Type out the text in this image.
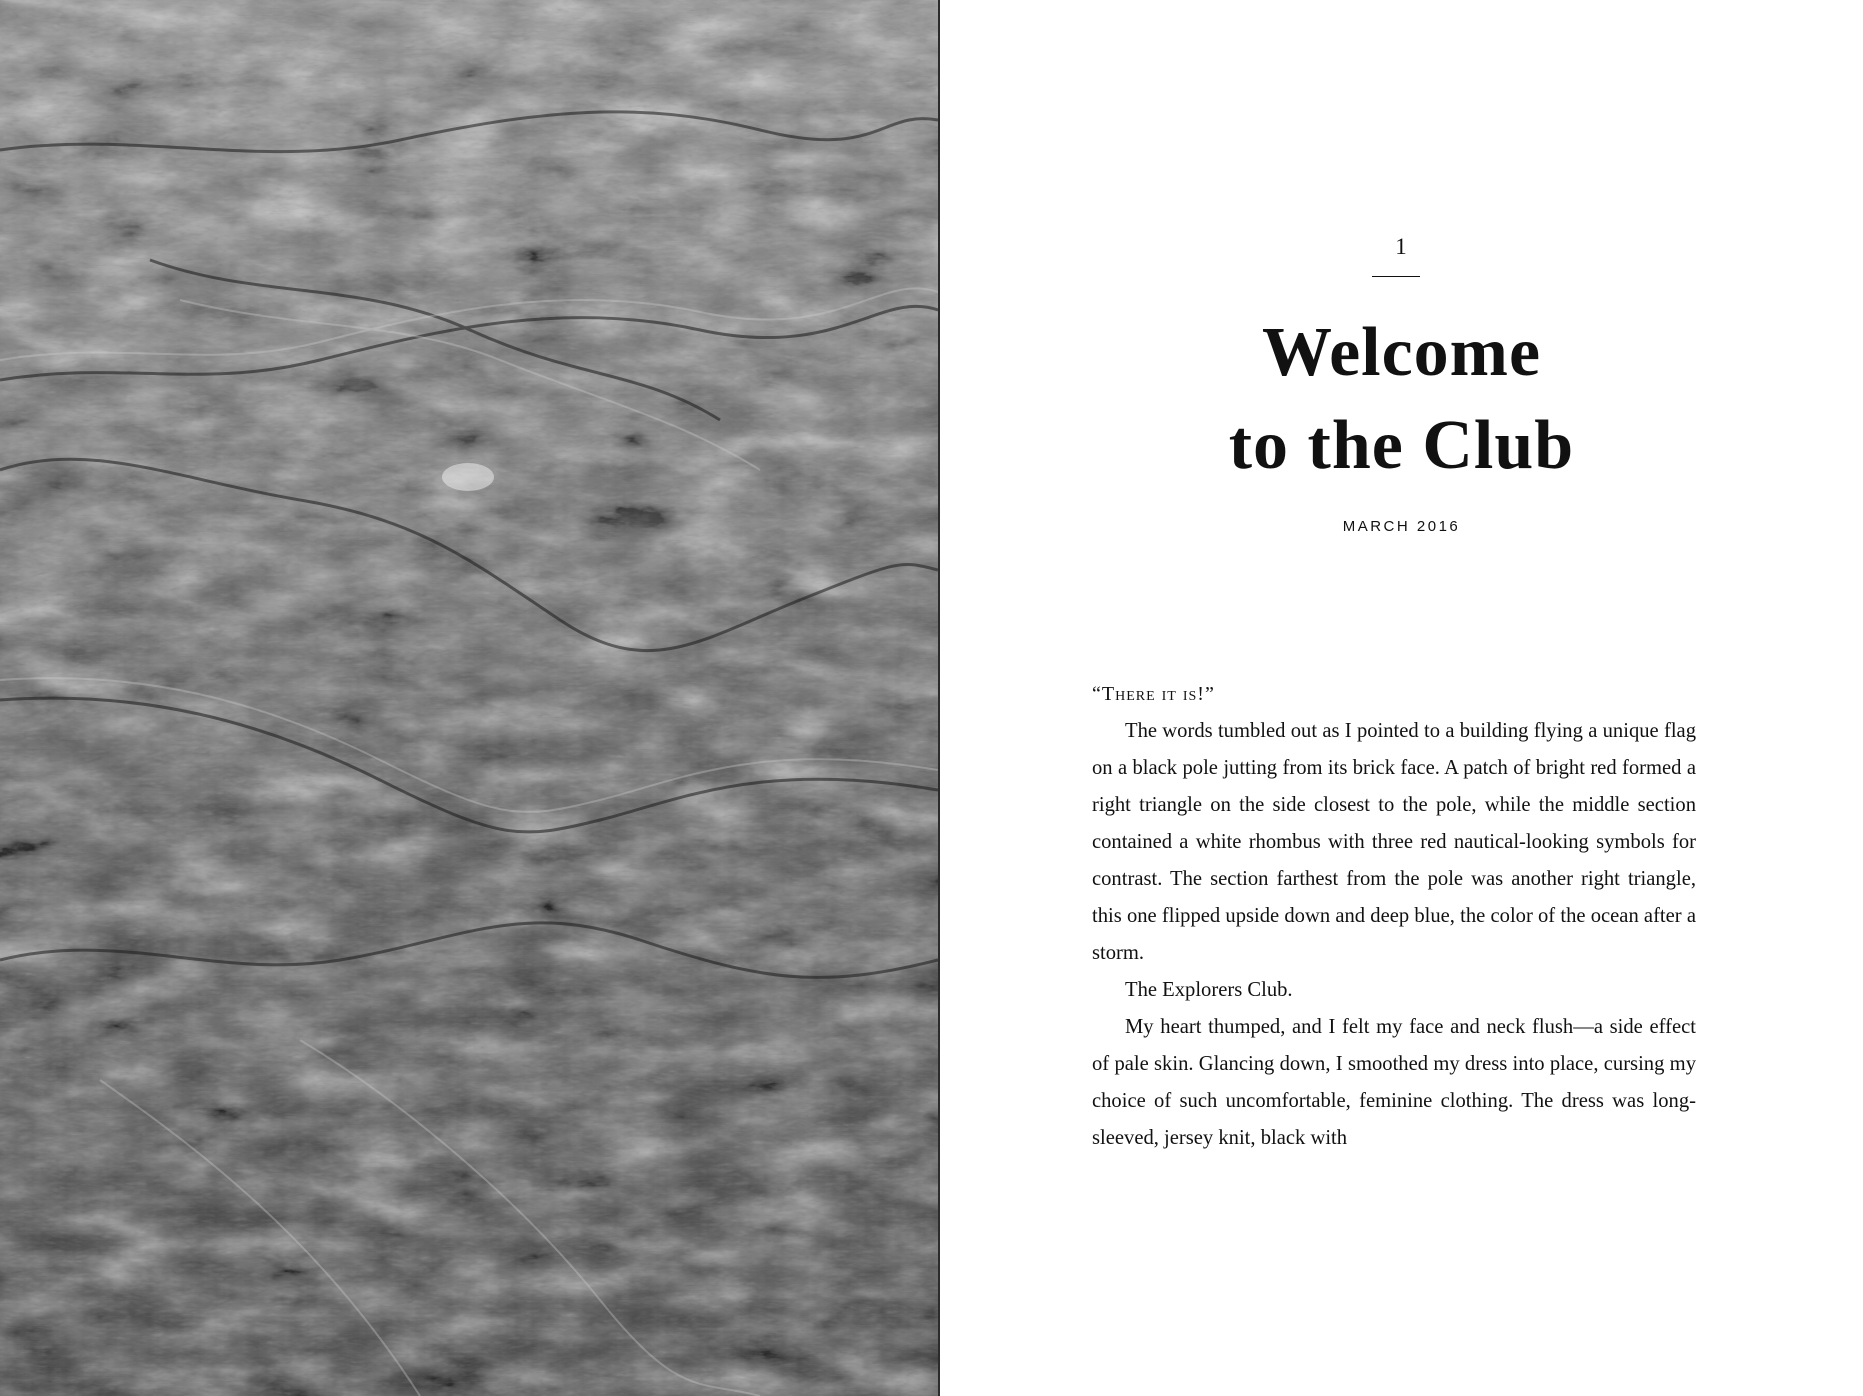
1
Welcome
to the Club
MARCH 2016

“There it is!”

The words tumbled out as I pointed to a building flying a unique flag on a black pole jutting from its brick face. A patch of bright red formed a right triangle on the side closest to the pole, while the middle section contained a white rhombus with three red nautical-looking symbols for contrast. The section farthest from the pole was another right triangle, this one flipped upside down and deep blue, the color of the ocean after a storm.

The Explorers Club.

My heart thumped, and I felt my face and neck flush—a side effect of pale skin. Glancing down, I smoothed my dress into place, cursing my choice of such uncomfortable, feminine clothing. The dress was long-sleeved, jersey knit, black with
